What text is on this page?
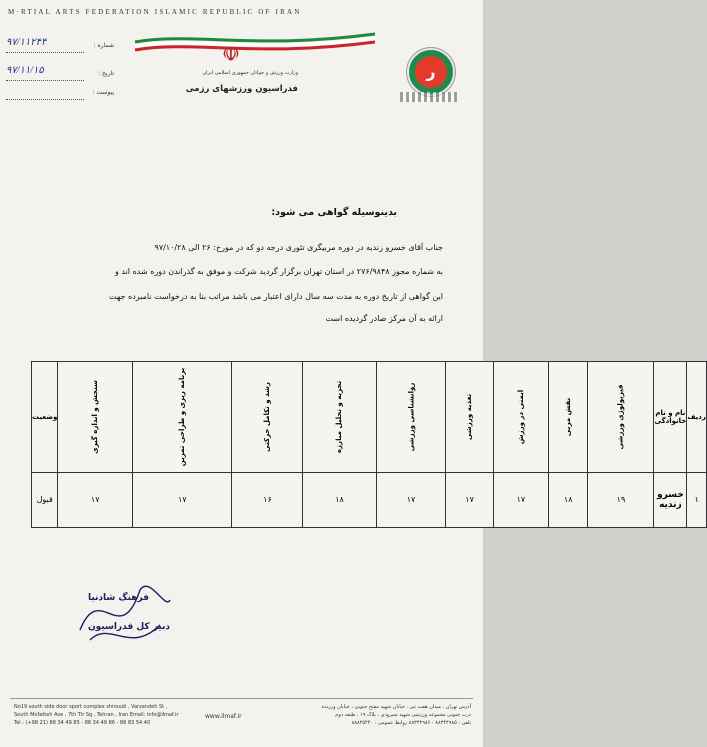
M·RTIAL ARTS FEDERATION ISLAMIC REPUBLIC OF IRAN
☫
وزارت ورزش و جوانان جمهوری اسلامی ایران
فدراسیون ورزشهای رزمی
ر
۹۷/۱۱۲۴۴	شماره :
۹۷/۱۱/۱۵	تاریخ :
پیوست :
بدینوسیله گواهی می شود:
جناب آقای خسرو زندیه در دوره مربیگری تئوری درجه دو که در مورخ: ۲۶ الی ۹۷/۱۰/۲۸
به شماره مجوز ۲۷۶/۹۸۴۸ در استان تهران برگزار گردید شرکت و موفق به گذراندن دوره شده اند و
این گواهی از تاریخ دوره به مدت سه سال دارای اعتبار می باشد مراتب بنا به درخواست نامبرده جهت
ارائه به آن مرکز صادر گردیده است
ردیف	نام و نام خانوادگی	فیزیولوژی ورزشی	نقش مربی	ایمنی در ورزش	تغذیه ورزشی	روانشناسی ورزشی	تجزیه و تحلیل مبارزه	رشد و تکامل حرکتی	برنامه ریزی و طراحی تمرین	سنجش و اندازه گیری	وضعیت
۱	خسرو زندیه	۱۹	۱۸	۱۷	۱۷	۱۷	۱۸	۱۶	۱۷	۱۷	قبول
فرهنگ شادنیا
دبیر کل فدراسیون
No19 south side door sport complex shiroudi , Varzandeh St ,
South Mofatteh Ave , 7th Tir Sq , Tehran , Iran Email: info@ilmaf.ir
Tel : (+98 21) 88 34 49 85 - 88 34 49 86 - 88 83 54 40
www.ilmaf.ir
آدرس تهران ، میدان هفت تیر ، خیابان شهید مفتح جنوبی ، خیابان ورزنده
درب جنوبی مجموعه ورزشی شهید شیرودی ، پلاک ۱۹ ، طبقه دوم
تلفن : ۸۸۳۴۴۹۸۵ - ۸۸۳۴۴۹۸۶ روابط عمومی : ۸۸۸۳۵۴۴۰
